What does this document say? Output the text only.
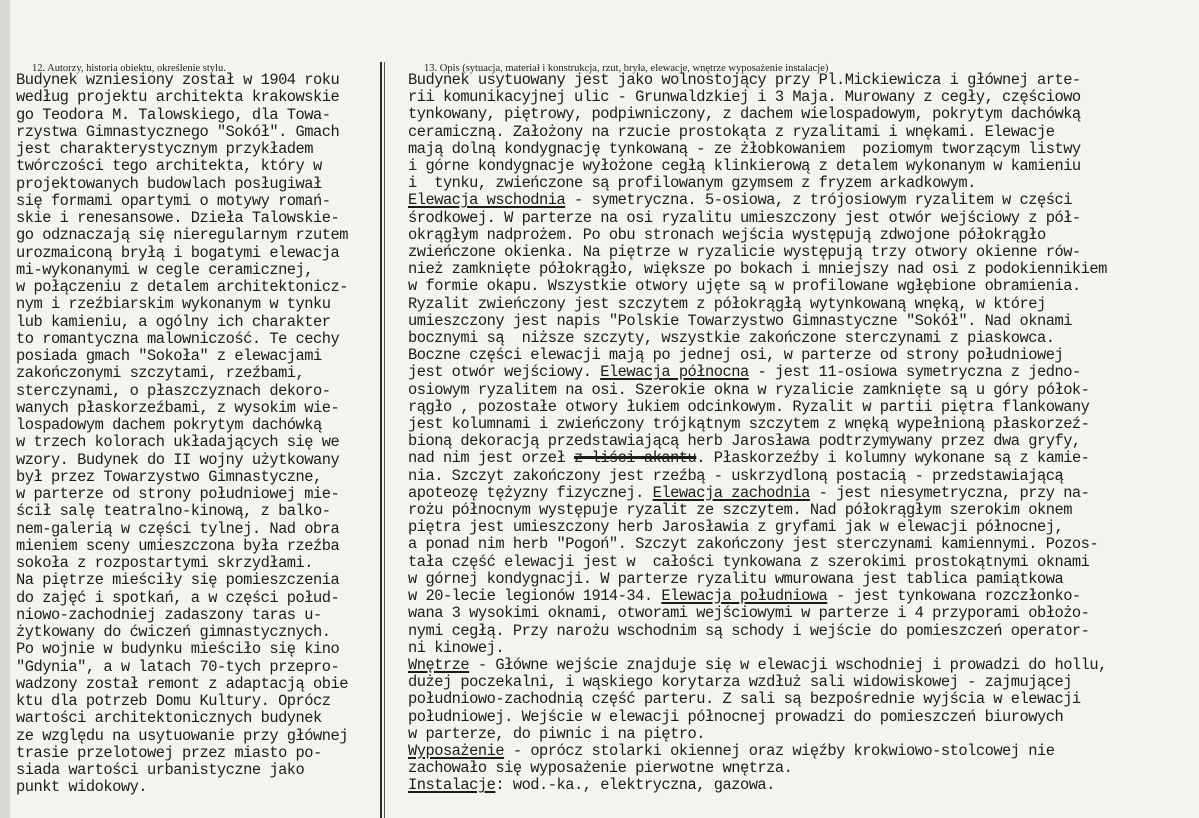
12. Autorzy, historia obiektu, określenie stylu.	13. Opis (sytuacja, materiał i konstrukcja, rzut, bryła, elewacje, wnętrze wyposażenie instalacje)
Budynek wzniesiony został w 1904 roku
według projektu architekta krakowskie
go Teodora M. Talowskiego, dla Towa-
rzystwa Gimnastycznego "Sokół". Gmach
jest charakterystycznym przykładem
twórczości tego architekta, który w
projektowanych budowlach posługiwał
się formami opartymi o motywy romań-
skie i renesansowe. Dzieła Talowskie-
go odznaczają się nieregularnym rzutem
urozmaiconą bryłą i bogatymi elewacja
mi-wykonanymi w cegle ceramicznej,
w połączeniu z detalem architektonicz-
nym i rzeźbiarskim wykonanym w tynku
lub kamieniu, a ogólny ich charakter
to romantyczna malowniczość. Te cechy
posiada gmach "Sokoła" z elewacjami
zakończonymi szczytami, rzeźbami,
sterczynami, o płaszczyznach dekoro-
wanych płaskorzeźbami, z wysokim wie-
lospadowym dachem pokrytym dachówką
w trzech kolorach układających się we
wzory. Budynek do II wojny użytkowany
był przez Towarzystwo Gimnastyczne,
w parterze od strony południowej mie-
ścił salę teatralno-kinową, z balko-
nem-galerią w części tylnej. Nad obra
mieniem sceny umieszczona była rzeźba
sokoła z rozpostartymi skrzydłami.
Na piętrze mieściły się pomieszczenia
do zajęć i spotkań, a w części połud-
niowo-zachodniej zadaszony taras u-
żytkowany do ćwiczeń gimnastycznych.
Po wojnie w budynku mieściło się kino
"Gdynia", a w latach 70-tych przepro-
wadzony został remont z adaptacją obie
ktu dla potrzeb Domu Kultury. Oprócz
wartości architektonicznych budynek
ze względu na usytuowanie przy głównej
trasie przelotowej przez miasto po-
siada wartości urbanistyczne jako
punkt widokowy.
Budynek usytuowany jest jako wolnostojący przy Pl.Mickiewicza i głównej arte-
rii komunikacyjnej ulic - Grunwaldzkiej i 3 Maja. Murowany z cegły, częściowo
tynkowany, piętrowy, podpiwniczony, z dachem wielospadowym, pokrytym dachówką
ceramiczną. Założony na rzucie prostokąta z ryzalitami i wnękami. Elewacje
mają dolną kondygnację tynkowaną - ze żłobkowaniem  poziomym tworzącym listwy
i górne kondygnacje wyłożone cegłą klinkierową z detalem wykonanym w kamieniu
i  tynku, zwieńczone są profilowanym gzymsem z fryzem arkadkowym.
Elewacja wschodnia - symetryczna. 5-osiowa, z trójosiowym ryzalitem w części
środkowej. W parterze na osi ryzalitu umieszczony jest otwór wejściowy z pół-
okrągłym nadprożem. Po obu stronach wejścia występują zdwojone półokrągło
zwieńczone okienka. Na piętrze w ryzalicie występują trzy otwory okienne rów-
nież zamknięte półokrągło, większe po bokach i mniejszy nad osi z podokiennikiem
w formie okapu. Wszystkie otwory ujęte są w profilowane wgłębione obramienia.
Ryzalit zwieńczony jest szczytem z półokrągłą wytynkowaną wnęką, w której
umieszczony jest napis "Polskie Towarzystwo Gimnastyczne "Sokół". Nad oknami
bocznymi są  niższe szczyty, wszystkie zakończone sterczynami z piaskowca.
Boczne części elewacji mają po jednej osi, w parterze od strony południowej
jest otwór wejściowy. Elewacja północna - jest 11-osiowa symetryczna z jedno-
osiowym ryzalitem na osi. Szerokie okna w ryzalicie zamknięte są u góry półok-
rągło , pozostałe otwory łukiem odcinkowym. Ryzalit w partii piętra flankowany
jest kolumnami i zwieńczony trójkątnym szczytem z wnęką wypełnioną płaskorzeź-
bioną dekoracją przedstawiającą herb Jarosława podtrzymywany przez dwa gryfy,
nad nim jest orzeł z liści akantu. Płaskorzeźby i kolumny wykonane są z kamie-
nia. Szczyt zakończony jest rzeźbą - uskrzydloną postacią - przedstawiającą
apoteozę tężyzny fizycznej. Elewacja zachodnia - jest niesymetryczna, przy na-
rożu północnym występuje ryzalit ze szczytem. Nad półokrągłym szerokim oknem
piętra jest umieszczony herb Jarosławia z gryfami jak w elewacji północnej,
a ponad nim herb "Pogoń". Szczyt zakończony jest sterczynami kamiennymi. Pozos-
tała część elewacji jest w  całości tynkowana z szerokimi prostokątnymi oknami
w górnej kondygnacji. W parterze ryzalitu wmurowana jest tablica pamiątkowa
w 20-lecie legionów 1914-34. Elewacja południowa - jest tynkowana rozczłonko-
wana 3 wysokimi oknami, otworami wejściowymi w parterze i 4 przyporami obłożo-
nymi cegłą. Przy narożu wschodnim są schody i wejście do pomieszczeń operator-
ni kinowej.
Wnętrze - Główne wejście znajduje się w elewacji wschodniej i prowadzi do hollu,
dużej poczekalni, i wąskiego korytarza wzdłuż sali widowiskowej - zajmującej
południowo-zachodnią część parteru. Z sali są bezpośrednie wyjścia w elewacji
południowej. Wejście w elewacji północnej prowadzi do pomieszczeń biurowych
w parterze, do piwnic i na piętro.
Wyposażenie - oprócz stolarki okiennej oraz więźby krokwiowo-stolcowej nie
zachowało się wyposażenie pierwotne wnętrza.
Instalacje: wod.-ka., elektryczna, gazowa.
